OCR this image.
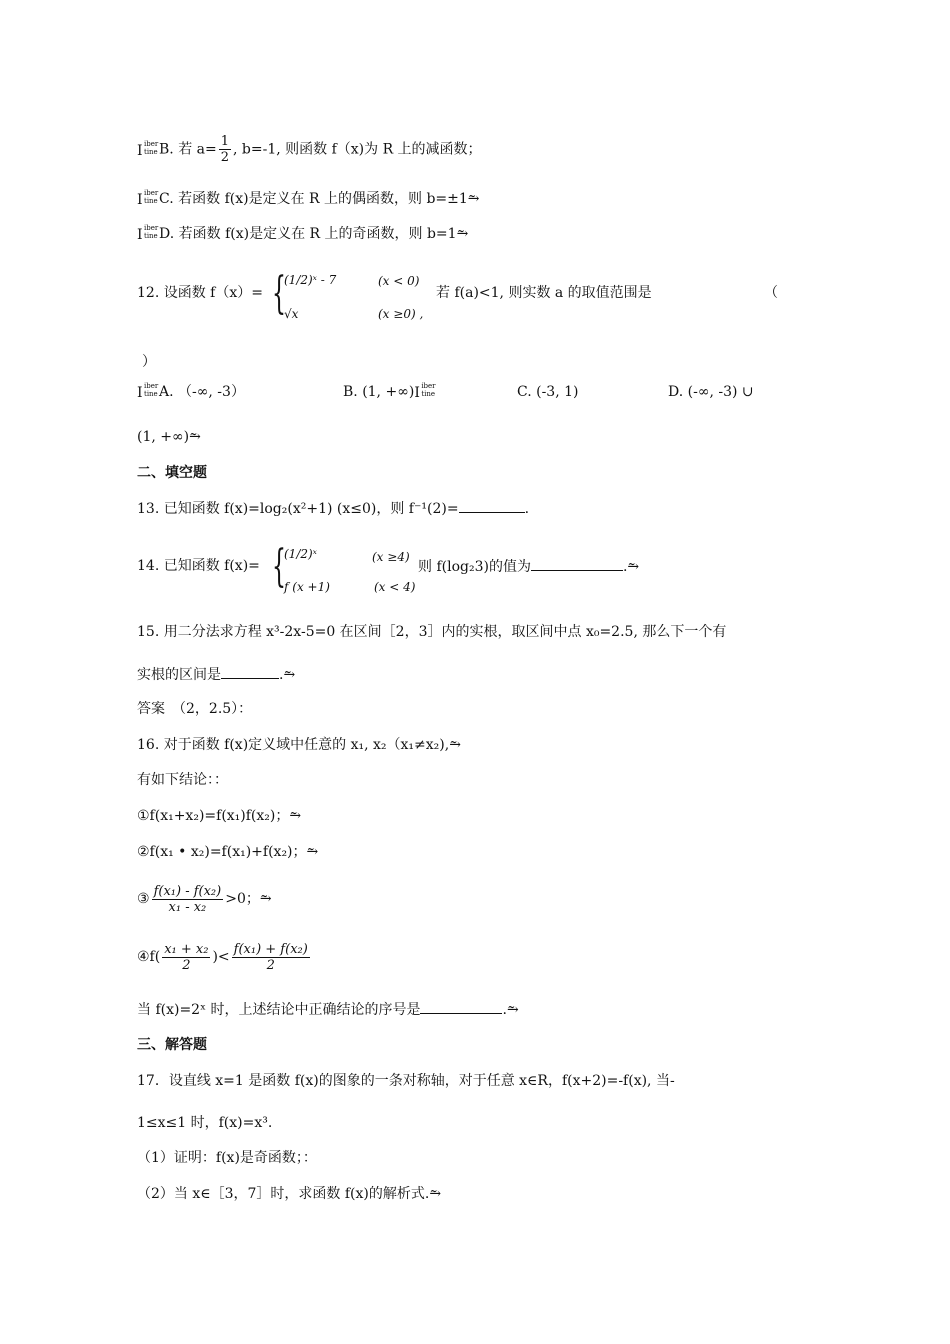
I iber
tine B. 若 $a= \frac{1}{2}$ , b=-1, 则函数 f（x)为 R 上的减函数；
I iber
tine C. 若函数 f(x)是定义在 R 上的偶函数，则 b=±1⥲
I iber
tine D. 若函数 f(x)是定义在 R 上的奇函数，则 b=1⥲
12. 设函数 f（x）= {
(1/2)ˣ - 7	(x < 0)
√x	(x ≥0) ,
若 f(a)<1, 则实数 a 的取值范围是	（
）
I iber
tine A. （-∞, -3）	B. (1, +∞) I iber
tine	C. (-3, 1)	D. (-∞, -3) ∪
(1, +∞)⥲
二、填空题
13. 已知函数 f(x)=log₂(x²+1) (x≤0)，则 f⁻¹(2)=	.
14. 已知函数 f(x)= {
(1/2)ˣ	(x ≥4)
f (x +1)	(x < 4)
则 f(log₂3)的值为	.⥲
15. 用二分法求方程 x³-2x-5=0 在区间［2，3］内的实根，取区间中点 x₀=2.5, 那么下一个有
实根的区间是	.⥲
答案　（2，2.5）：
16. 对于函数 f(x)定义域中任意的 x₁, x₂（x₁≠x₂),⥲
有如下结论：：
①f(x₁+x₂)=f(x₁)f(x₂)；⥲
②f(x₁ • x₂)=f(x₁)+f(x₂)；⥲
③ $\frac{\text{f(x₁) - f(x₂)}}{\text{x₁ - x₂}} >0$；⥲
④f( $\frac{\text{x₁ + x₂}}{2}$ )< $\frac{\text{f(x₁) + f(x₂)}}{2}$
当 f(x)=2ˣ 时，上述结论中正确结论的序号是	.⥲
三、解答题
17．设直线 x=1 是函数 f(x)的图象的一条对称轴，对于任意 x∈R，f(x+2)=-f(x), 当-
1≤x≤1 时，f(x)=x³.
（1）证明：f(x)是奇函数；：
（2）当 x∈［3，7］时，求函数 f(x)的解析式.⥲
